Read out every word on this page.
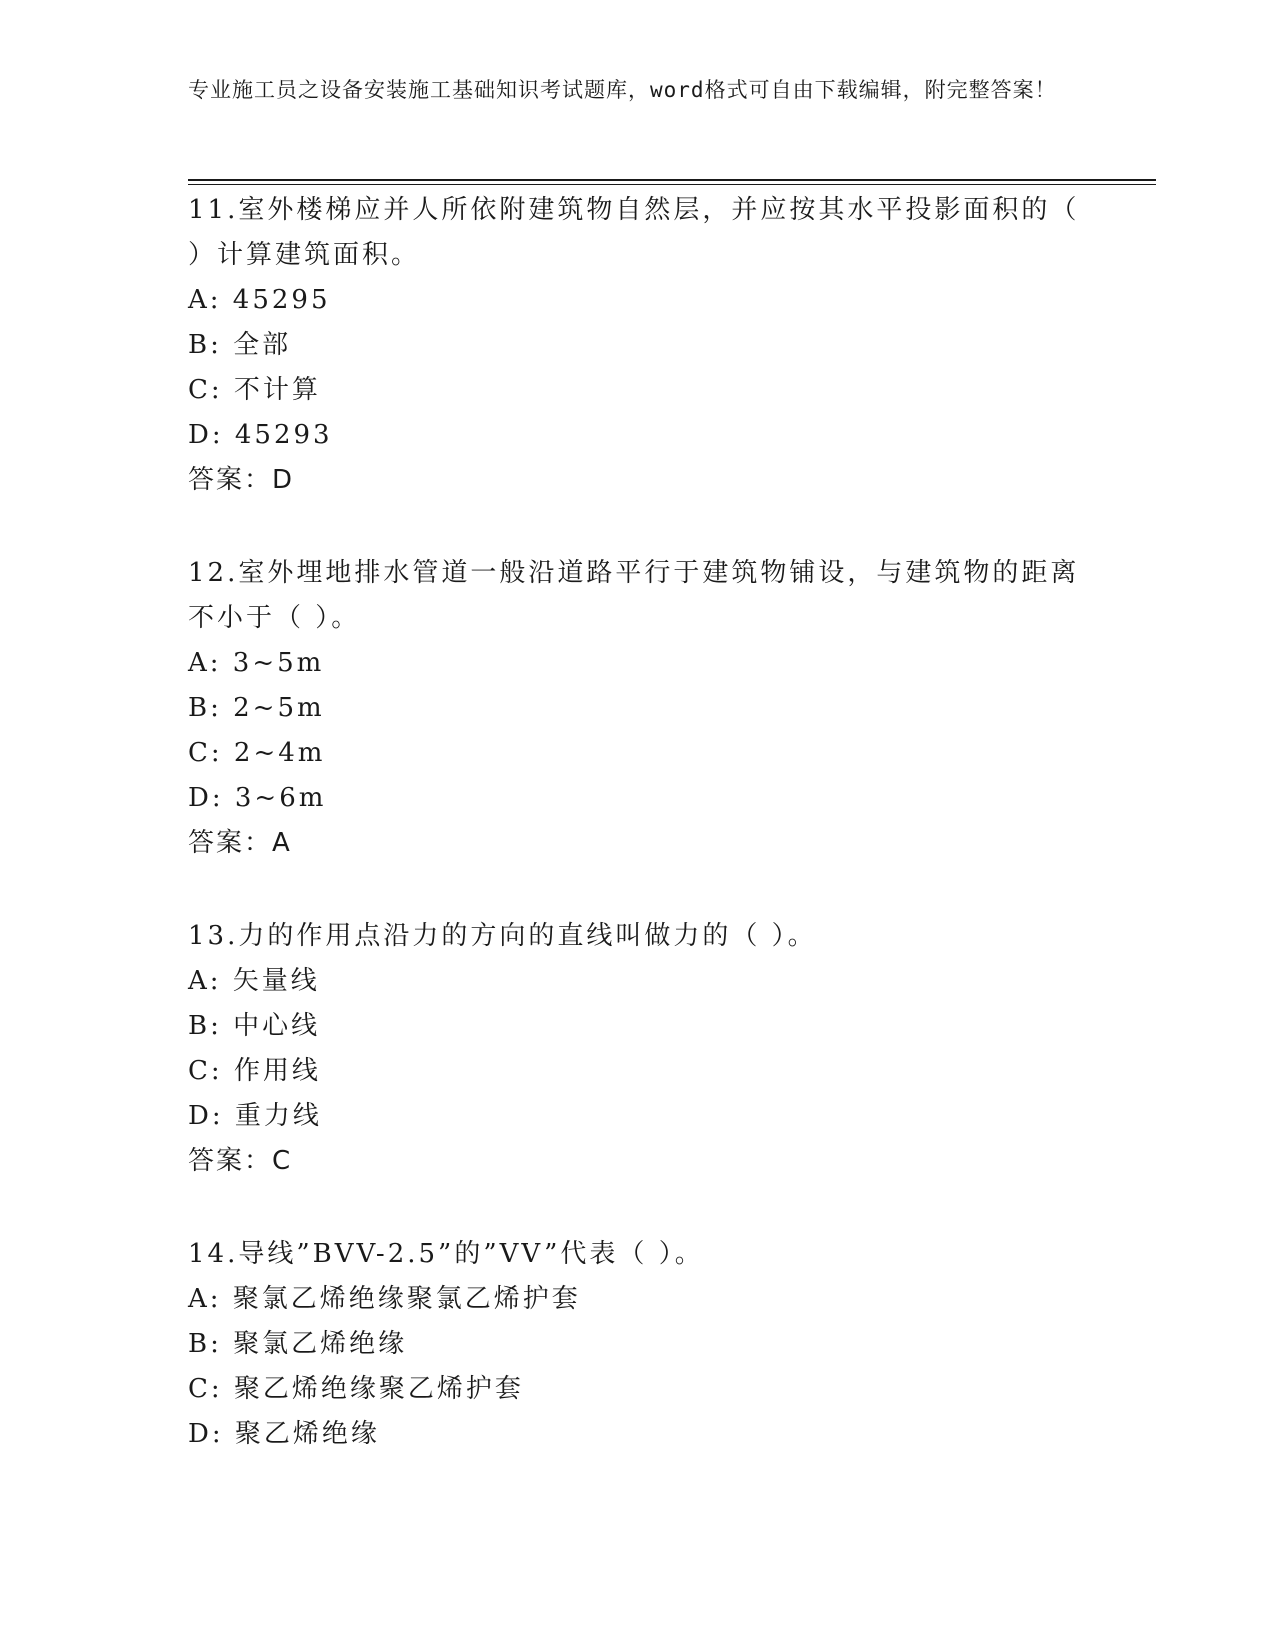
专业施工员之设备安装施工基础知识考试题库，word格式可自由下载编辑，附完整答案！

11.室外楼梯应并人所依附建筑物自然层，并应按其水平投影面积的（ ）计算建筑面积。

A: 45295

B: 全部

C: 不计算

D: 45293

答案：D

12.室外埋地排水管道一般沿道路平行于建筑物铺设，与建筑物的距离不小于（ ）。

A: 3~5m

B: 2~5m

C: 2~4m

D: 3~6m

答案：A

13.力的作用点沿力的方向的直线叫做力的（ ）。

A: 矢量线

B: 中心线

C: 作用线

D: 重力线

答案：C

14.导线”BVV-2.5”的”VV”代表（ ）。

A: 聚氯乙烯绝缘聚氯乙烯护套

B: 聚氯乙烯绝缘

C: 聚乙烯绝缘聚乙烯护套

D: 聚乙烯绝缘
